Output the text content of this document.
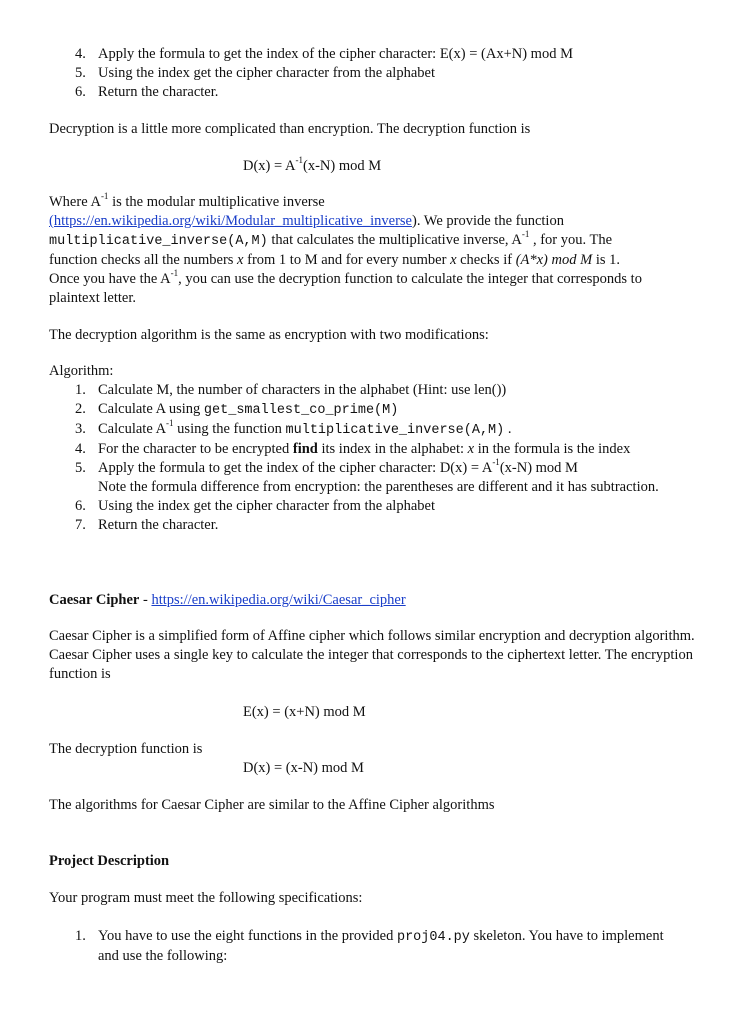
4. Apply the formula to get the index of the cipher character: E(x) = (Ax+N) mod M
5. Using the index get the cipher character from the alphabet
6. Return the character.
Decryption is a little more complicated than encryption. The decryption function is
$D(x) = A^{-1}(x-N)$ mod M
Where $A^{-1}$ is the modular multiplicative inverse
(https://en.wikipedia.org/wiki/Modular_multiplicative_inverse). We provide the function
multiplicative_inverse(A,M) that calculates the multiplicative inverse, $A^{-1}$ , for you. The
function checks all the numbers x from 1 to M and for every number x checks if (A*x) mod M is 1.
Once you have the $A^{-1}$, you can use the decryption function to calculate the integer that corresponds to
plaintext letter.
The decryption algorithm is the same as encryption with two modifications:
Algorithm:
1. Calculate M, the number of characters in the alphabet (Hint: use len())
2. Calculate A using get_smallest_co_prime(M)
3. Calculate $A^{-1}$ using the function multiplicative_inverse(A,M) .
4. For the character to be encrypted find its index in the alphabet: x in the formula is the index
5. Apply the formula to get the index of the cipher character: $D(x) = A^{-1}(x-N)$ mod M
Note the formula difference from encryption: the parentheses are different and it has subtraction.
6. Using the index get the cipher character from the alphabet
7. Return the character.
Caesar Cipher - https://en.wikipedia.org/wiki/Caesar_cipher
Caesar Cipher is a simplified form of Affine cipher which follows similar encryption and decryption algorithm. Caesar Cipher uses a single key to calculate the integer that corresponds to the ciphertext letter. The encryption function is
E(x) = (x+N) mod M
The decryption function is
D(x) = (x-N) mod M
The algorithms for Caesar Cipher are similar to the Affine Cipher algorithms
Project Description
Your program must meet the following specifications:
1. You have to use the eight functions in the provided proj04.py skeleton. You have to implement and use the following:
